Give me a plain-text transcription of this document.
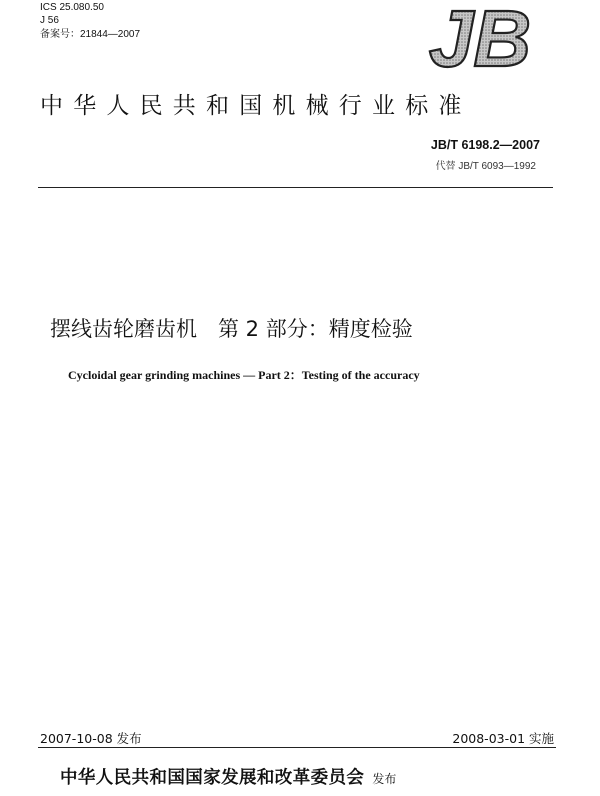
ICS 25.080.50
J 56
备案号：21844—2007	JB
中华人民共和国机械行业标准
JB/T 6198.2—2007
代替 JB/T 6093—1992
摆线齿轮磨齿机　第 2 部分：精度检验
Cycloidal gear grinding machines — Part 2：Testing of the accuracy
2007-10-08 发布	2008-03-01 实施
中华人民共和国国家发展和改革委员会 发布
